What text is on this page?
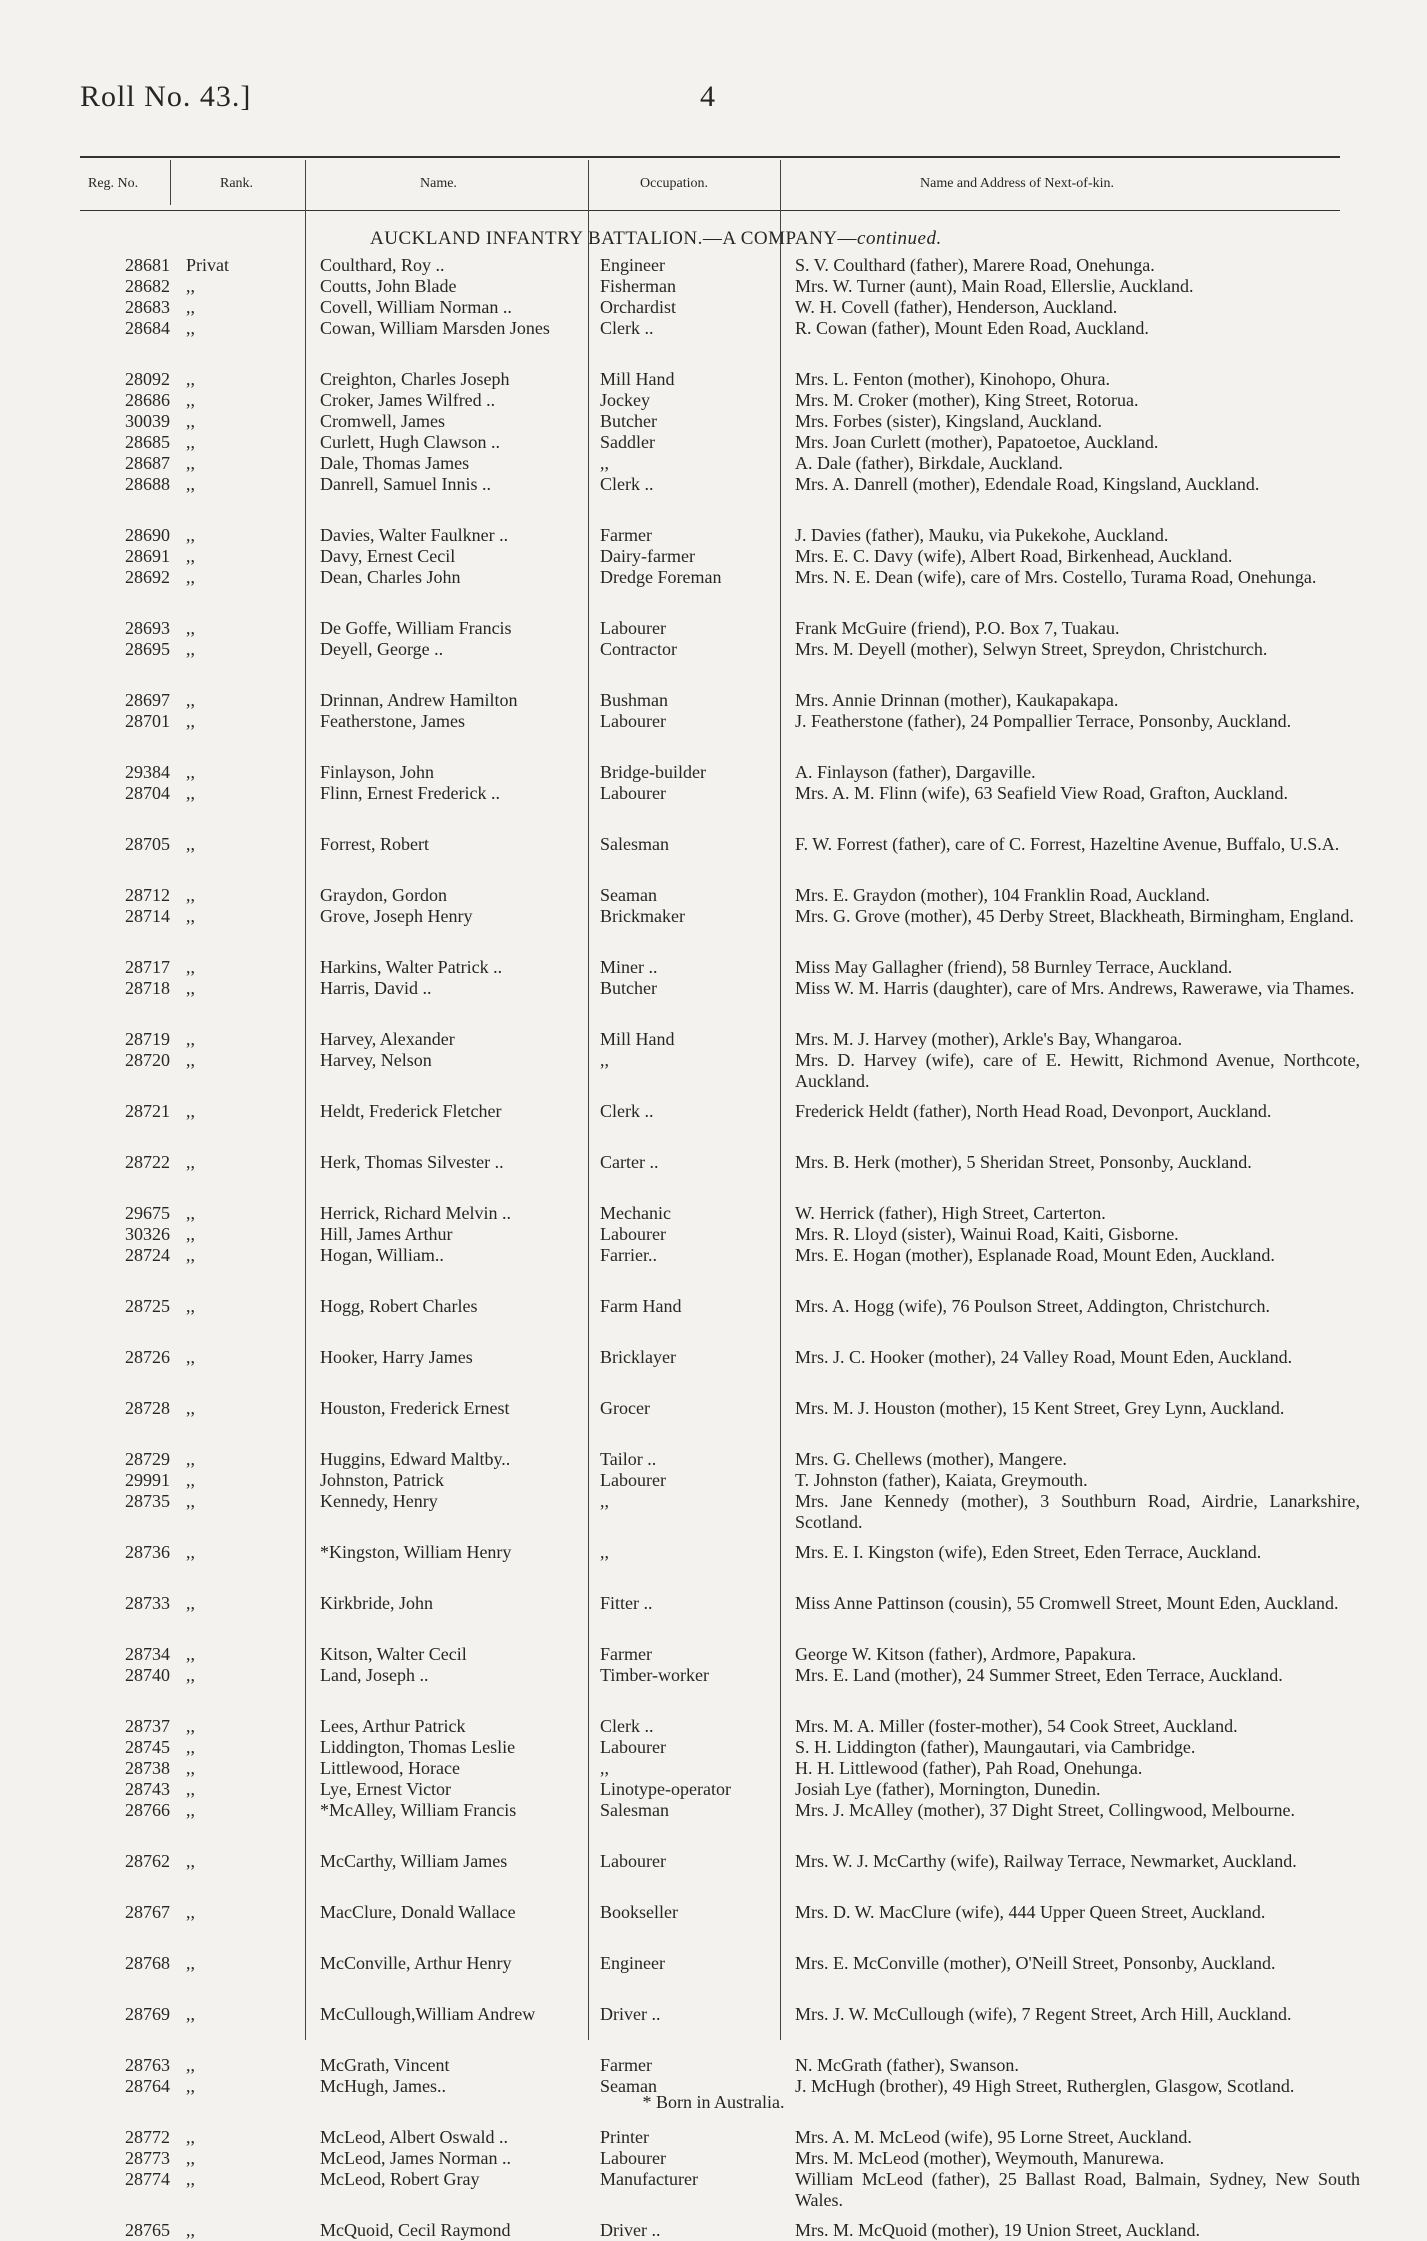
Roll No. 43.]	4
Reg. No.	Rank.	Name.	Occupation.	Name and Address of Next-of-kin.
AUCKLAND INFANTRY BATTALION.—A COMPANY—continued.
28681 Privat	Coulthard, Roy ..	Engineer	S. V. Coulthard (father), Marere Road, Onehunga.
28682 ,,	Coutts, John Blade	Fisherman	Mrs. W. Turner (aunt), Main Road, Ellerslie, Auckland.
28683 ,,	Covell, William Norman ..	Orchardist	W. H. Covell (father), Henderson, Auckland.
28684 ,,	Cowan, William Marsden Jones	Clerk ..	R. Cowan (father), Mount Eden Road, Auckland.
28092 ,,	Creighton, Charles Joseph	Mill Hand	Mrs. L. Fenton (mother), Kinohopo, Ohura.
28686 ,,	Croker, James Wilfred ..	Jockey	Mrs. M. Croker (mother), King Street, Rotorua.
30039 ,,	Cromwell, James	Butcher	Mrs. Forbes (sister), Kingsland, Auckland.
28685 ,,	Curlett, Hugh Clawson ..	Saddler	Mrs. Joan Curlett (mother), Papatoetoe, Auckland.
28687 ,,	Dale, Thomas James	,,	A. Dale (father), Birkdale, Auckland.
28688 ,,	Danrell, Samuel Innis ..	Clerk ..	Mrs. A. Danrell (mother), Edendale Road, Kingsland, Auckland.
28690 ,,	Davies, Walter Faulkner ..	Farmer	J. Davies (father), Mauku, via Pukekohe, Auckland.
28691 ,,	Davy, Ernest Cecil	Dairy-farmer	Mrs. E. C. Davy (wife), Albert Road, Birkenhead, Auckland.
28692 ,,	Dean, Charles John	Dredge Foreman	Mrs. N. E. Dean (wife), care of Mrs. Costello, Turama Road, Onehunga.
28693 ,,	De Goffe, William Francis	Labourer	Frank McGuire (friend), P.O. Box 7, Tuakau.
28695 ,,	Deyell, George ..	Contractor	Mrs. M. Deyell (mother), Selwyn Street, Spreydon, Christchurch.
28697 ,,	Drinnan, Andrew Hamilton	Bushman	Mrs. Annie Drinnan (mother), Kaukapakapa.
28701 ,,	Featherstone, James	Labourer	J. Featherstone (father), 24 Pompallier Terrace, Ponsonby, Auckland.
29384 ,,	Finlayson, John	Bridge-builder	A. Finlayson (father), Dargaville.
28704 ,,	Flinn, Ernest Frederick ..	Labourer	Mrs. A. M. Flinn (wife), 63 Seafield View Road, Grafton, Auckland.
28705 ,,	Forrest, Robert	Salesman	F. W. Forrest (father), care of C. Forrest, Hazeltine Avenue, Buffalo, U.S.A.
28712 ,,	Graydon, Gordon	Seaman	Mrs. E. Graydon (mother), 104 Franklin Road, Auckland.
28714 ,,	Grove, Joseph Henry	Brickmaker	Mrs. G. Grove (mother), 45 Derby Street, Blackheath, Birmingham, England.
28717 ,,	Harkins, Walter Patrick ..	Miner ..	Miss May Gallagher (friend), 58 Burnley Terrace, Auckland.
28718 ,,	Harris, David ..	Butcher	Miss W. M. Harris (daughter), care of Mrs. Andrews, Rawerawe, via Thames.
28719 ,,	Harvey, Alexander	Mill Hand	Mrs. M. J. Harvey (mother), Arkle's Bay, Whangaroa.
28720 ,,	Harvey, Nelson	,,	Mrs. D. Harvey (wife), care of E. Hewitt, Richmond Avenue, Northcote, Auckland.
28721 ,,	Heldt, Frederick Fletcher	Clerk ..	Frederick Heldt (father), North Head Road, Devonport, Auckland.
28722 ,,	Herk, Thomas Silvester ..	Carter ..	Mrs. B. Herk (mother), 5 Sheridan Street, Ponsonby, Auckland.
29675 ,,	Herrick, Richard Melvin ..	Mechanic	W. Herrick (father), High Street, Carterton.
30326 ,,	Hill, James Arthur	Labourer	Mrs. R. Lloyd (sister), Wainui Road, Kaiti, Gisborne.
28724 ,,	Hogan, William..	Farrier..	Mrs. E. Hogan (mother), Esplanade Road, Mount Eden, Auckland.
28725 ,,	Hogg, Robert Charles	Farm Hand	Mrs. A. Hogg (wife), 76 Poulson Street, Addington, Christchurch.
28726 ,,	Hooker, Harry James	Bricklayer	Mrs. J. C. Hooker (mother), 24 Valley Road, Mount Eden, Auckland.
28728 ,,	Houston, Frederick Ernest	Grocer	Mrs. M. J. Houston (mother), 15 Kent Street, Grey Lynn, Auckland.
28729 ,,	Huggins, Edward Maltby..	Tailor ..	Mrs. G. Chellews (mother), Mangere.
29991 ,,	Johnston, Patrick	Labourer	T. Johnston (father), Kaiata, Greymouth.
28735 ,,	Kennedy, Henry	,,	Mrs. Jane Kennedy (mother), 3 Southburn Road, Airdrie, Lanarkshire, Scotland.
28736 ,,	*Kingston, William Henry	,,	Mrs. E. I. Kingston (wife), Eden Street, Eden Terrace, Auckland.
28733 ,,	Kirkbride, John	Fitter ..	Miss Anne Pattinson (cousin), 55 Cromwell Street, Mount Eden, Auckland.
28734 ,,	Kitson, Walter Cecil	Farmer	George W. Kitson (father), Ardmore, Papakura.
28740 ,,	Land, Joseph ..	Timber-worker	Mrs. E. Land (mother), 24 Summer Street, Eden Terrace, Auckland.
28737 ,,	Lees, Arthur Patrick	Clerk ..	Mrs. M. A. Miller (foster-mother), 54 Cook Street, Auckland.
28745 ,,	Liddington, Thomas Leslie	Labourer	S. H. Liddington (father), Maungautari, via Cambridge.
28738 ,,	Littlewood, Horace	,,	H. H. Littlewood (father), Pah Road, Onehunga.
28743 ,,	Lye, Ernest Victor	Linotype-operator	Josiah Lye (father), Mornington, Dunedin.
28766 ,,	*McAlley, William Francis	Salesman	Mrs. J. McAlley (mother), 37 Dight Street, Collingwood, Melbourne.
28762 ,,	McCarthy, William James	Labourer	Mrs. W. J. McCarthy (wife), Railway Terrace, Newmarket, Auckland.
28767 ,,	MacClure, Donald Wallace	Bookseller	Mrs. D. W. MacClure (wife), 444 Upper Queen Street, Auckland.
28768 ,,	McConville, Arthur Henry	Engineer	Mrs. E. McConville (mother), O'Neill Street, Ponsonby, Auckland.
28769 ,,	McCullough,William Andrew	Driver ..	Mrs. J. W. McCullough (wife), 7 Regent Street, Arch Hill, Auckland.
28763 ,,	McGrath, Vincent	Farmer	N. McGrath (father), Swanson.
28764 ,,	McHugh, James..	Seaman	J. McHugh (brother), 49 High Street, Rutherglen, Glasgow, Scotland.
28772 ,,	McLeod, Albert Oswald ..	Printer	Mrs. A. M. McLeod (wife), 95 Lorne Street, Auckland.
28773 ,,	McLeod, James Norman ..	Labourer	Mrs. M. McLeod (mother), Weymouth, Manurewa.
28774 ,,	McLeod, Robert Gray	Manufacturer	William McLeod (father), 25 Ballast Road, Balmain, Sydney, New South Wales.
28765 ,,	McQuoid, Cecil Raymond	Driver ..	Mrs. M. McQuoid (mother), 19 Union Street, Auckland.
* Born in Australia.
